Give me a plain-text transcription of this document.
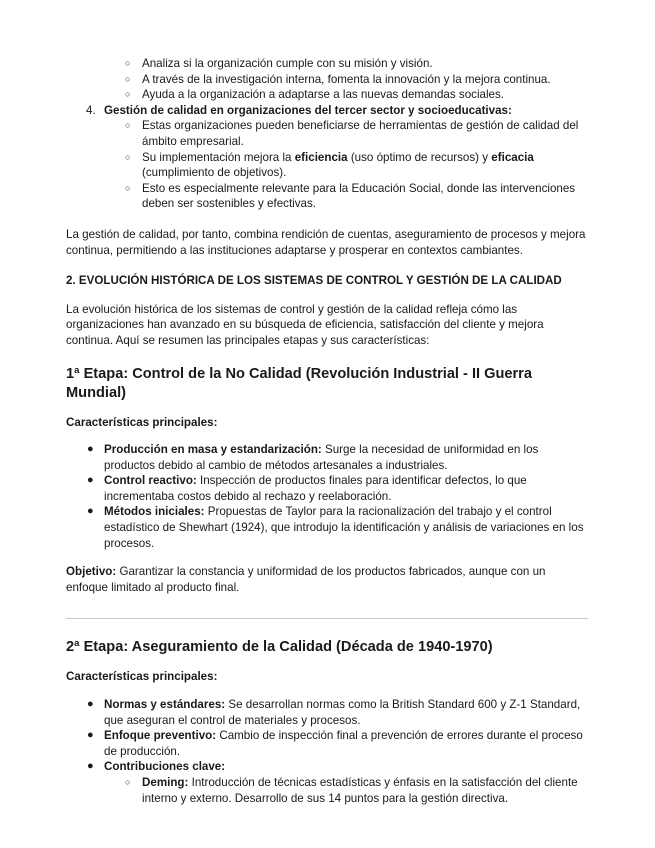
○ Analiza si la organización cumple con su misión y visión.
○ A través de la investigación interna, fomenta la innovación y la mejora continua.
○ Ayuda a la organización a adaptarse a las nuevas demandas sociales.
4. Gestión de calidad en organizaciones del tercer sector y socioeducativas:
○ Estas organizaciones pueden beneficiarse de herramientas de gestión de calidad del ámbito empresarial.
○ Su implementación mejora la eficiencia (uso óptimo de recursos) y eficacia (cumplimiento de objetivos).
○ Esto es especialmente relevante para la Educación Social, donde las intervenciones deben ser sostenibles y efectivas.

La gestión de calidad, por tanto, combina rendición de cuentas, aseguramiento de procesos y mejora continua, permitiendo a las instituciones adaptarse y prosperar en contextos cambiantes.

2. EVOLUCIÓN HISTÓRICA DE LOS SISTEMAS DE CONTROL Y GESTIÓN DE LA CALIDAD

La evolución histórica de los sistemas de control y gestión de la calidad refleja cómo las organizaciones han avanzado en su búsqueda de eficiencia, satisfacción del cliente y mejora continua. Aquí se resumen las principales etapas y sus características:

1ª Etapa: Control de la No Calidad (Revolución Industrial - II Guerra Mundial)

Características principales:

● Producción en masa y estandarización: Surge la necesidad de uniformidad en los productos debido al cambio de métodos artesanales a industriales.
● Control reactivo: Inspección de productos finales para identificar defectos, lo que incrementaba costos debido al rechazo y reelaboración.
● Métodos iniciales: Propuestas de Taylor para la racionalización del trabajo y el control estadístico de Shewhart (1924), que introdujo la identificación y análisis de variaciones en los procesos.

Objetivo: Garantizar la constancia y uniformidad de los productos fabricados, aunque con un enfoque limitado al producto final.

2ª Etapa: Aseguramiento de la Calidad (Década de 1940-1970)

Características principales:

● Normas y estándares: Se desarrollan normas como la British Standard 600 y Z-1 Standard, que aseguran el control de materiales y procesos.
● Enfoque preventivo: Cambio de inspección final a prevención de errores durante el proceso de producción.
● Contribuciones clave:
○ Deming: Introducción de técnicas estadísticas y énfasis en la satisfacción del cliente interno y externo. Desarrollo de sus 14 puntos para la gestión directiva.
